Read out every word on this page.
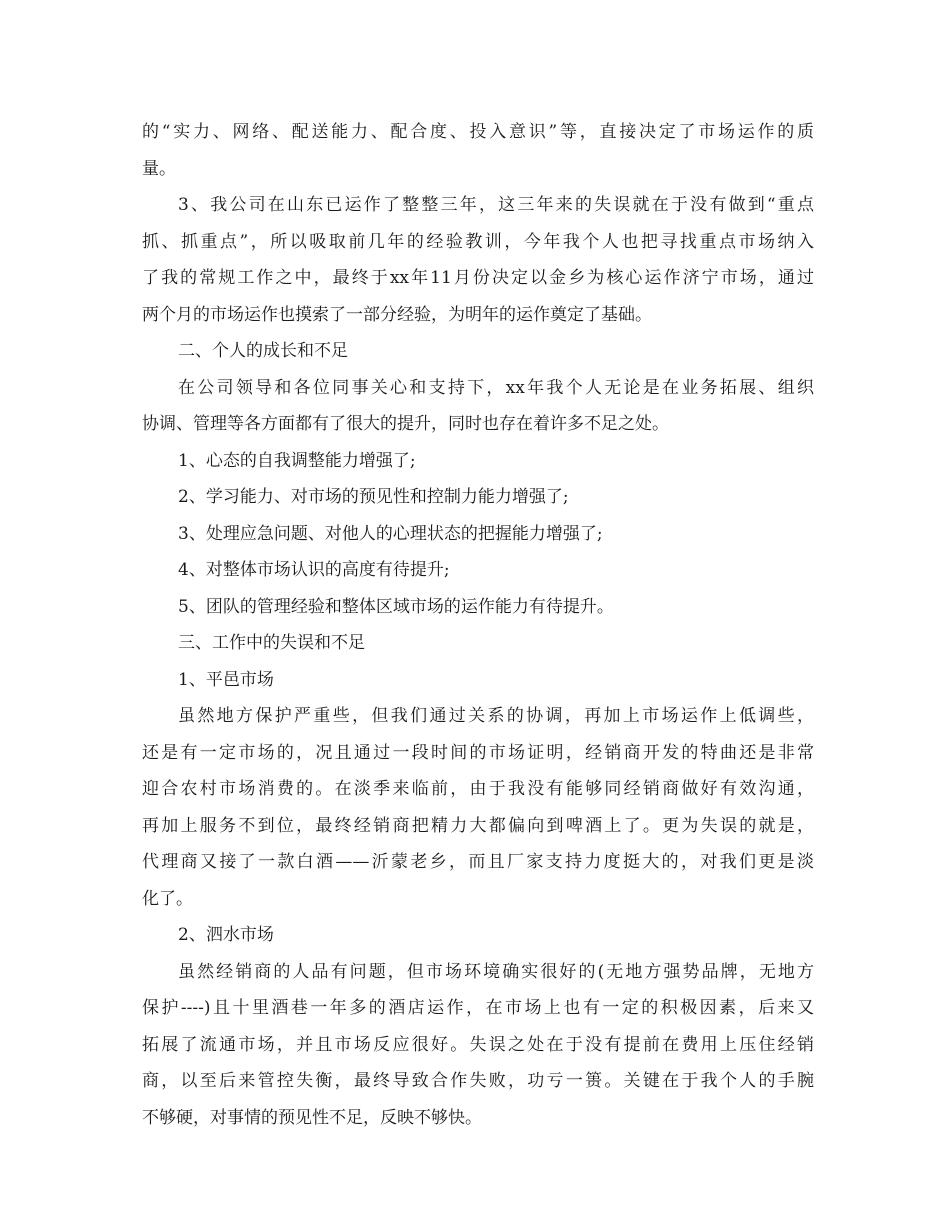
的“实力、网络、配送能力、配合度、投入意识”等，直接决定了市场运作的质
量。
3、我公司在山东已运作了整整三年，这三年来的失误就在于没有做到“重点
抓、抓重点”，所以吸取前几年的经验教训，今年我个人也把寻找重点市场纳入
了我的常规工作之中，最终于xx年11月份决定以金乡为核心运作济宁市场，通过
两个月的市场运作也摸索了一部分经验，为明年的运作奠定了基础。
二、个人的成长和不足
在公司领导和各位同事关心和支持下，xx年我个人无论是在业务拓展、组织
协调、管理等各方面都有了很大的提升，同时也存在着许多不足之处。
1、心态的自我调整能力增强了;
2、学习能力、对市场的预见性和控制力能力增强了;
3、处理应急问题、对他人的心理状态的把握能力增强了;
4、对整体市场认识的高度有待提升;
5、团队的管理经验和整体区域市场的运作能力有待提升。
三、工作中的失误和不足
1、平邑市场
虽然地方保护严重些，但我们通过关系的协调，再加上市场运作上低调些，
还是有一定市场的，况且通过一段时间的市场证明，经销商开发的特曲还是非常
迎合农村市场消费的。在淡季来临前，由于我没有能够同经销商做好有效沟通，
再加上服务不到位，最终经销商把精力大都偏向到啤酒上了。更为失误的就是，
代理商又接了一款白酒——沂蒙老乡，而且厂家支持力度挺大的，对我们更是淡
化了。
2、泗水市场
虽然经销商的人品有问题，但市场环境确实很好的(无地方强势品牌，无地方
保护----)且十里酒巷一年多的酒店运作，在市场上也有一定的积极因素，后来又
拓展了流通市场，并且市场反应很好。失误之处在于没有提前在费用上压住经销
商，以至后来管控失衡，最终导致合作失败，功亏一篑。关键在于我个人的手腕
不够硬，对事情的预见性不足，反映不够快。
